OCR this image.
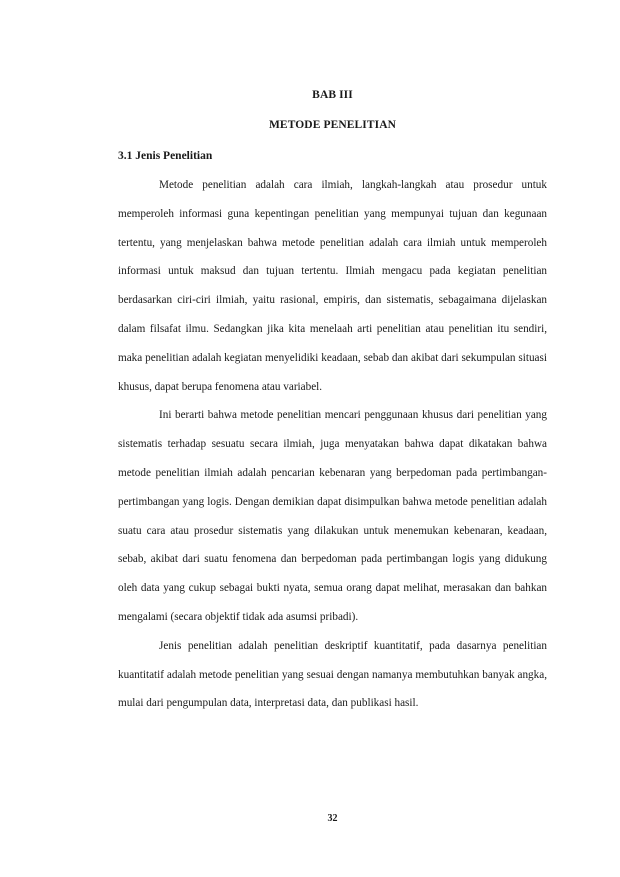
BAB III
METODE PENELITIAN
3.1 Jenis Penelitian

Metode penelitian adalah cara ilmiah, langkah-langkah atau prosedur untuk memperoleh informasi guna kepentingan penelitian yang mempunyai tujuan dan kegunaan tertentu, yang menjelaskan bahwa metode penelitian adalah cara ilmiah untuk memperoleh informasi untuk maksud dan tujuan tertentu. Ilmiah mengacu pada kegiatan penelitian berdasarkan ciri-ciri ilmiah, yaitu rasional, empiris, dan sistematis, sebagaimana dijelaskan dalam filsafat ilmu. Sedangkan jika kita menelaah arti penelitian atau penelitian itu sendiri, maka penelitian adalah kegiatan menyelidiki keadaan, sebab dan akibat dari sekumpulan situasi khusus, dapat berupa fenomena atau variabel.

Ini berarti bahwa metode penelitian mencari penggunaan khusus dari penelitian yang sistematis terhadap sesuatu secara ilmiah, juga menyatakan bahwa dapat dikatakan bahwa metode penelitian ilmiah adalah pencarian kebenaran yang berpedoman pada pertimbangan-pertimbangan yang logis. Dengan demikian dapat disimpulkan bahwa metode penelitian adalah suatu cara atau prosedur sistematis yang dilakukan untuk menemukan kebenaran, keadaan, sebab, akibat dari suatu fenomena dan berpedoman pada pertimbangan logis yang didukung oleh data yang cukup sebagai bukti nyata, semua orang dapat melihat, merasakan dan bahkan mengalami (secara objektif tidak ada asumsi pribadi).

Jenis penelitian adalah penelitian deskriptif kuantitatif, pada dasarnya penelitian kuantitatif adalah metode penelitian yang sesuai dengan namanya membutuhkan banyak angka, mulai dari pengumpulan data, interpretasi data, dan publikasi hasil.

32
